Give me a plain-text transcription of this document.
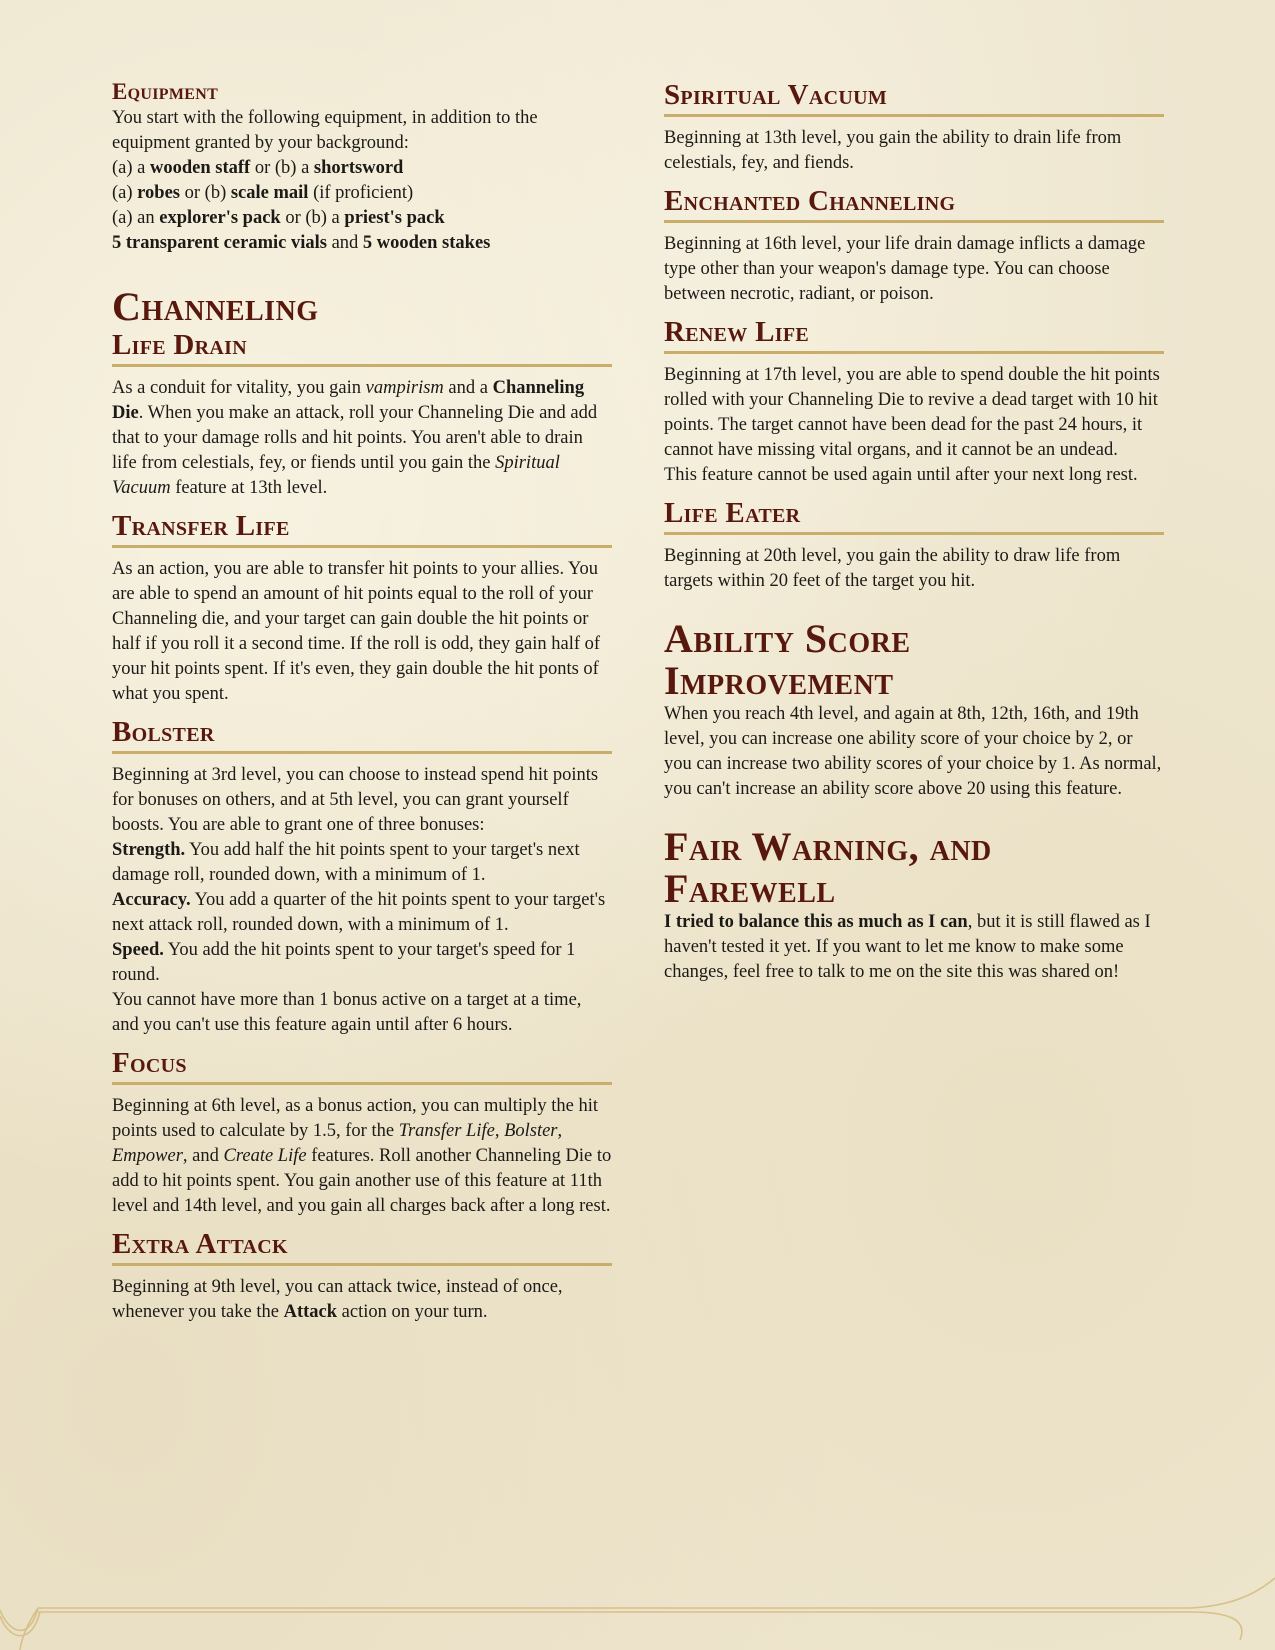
Equipment

You start with the following equipment, in addition to the equipment granted by your background:

(a) a wooden staff or (b) a shortsword
(a) robes or (b) scale mail (if proficient)
(a) an explorer's pack or (b) a priest's pack
5 transparent ceramic vials and 5 wooden stakes
Channeling
Life Drain

As a conduit for vitality, you gain vampirism and a Channeling Die. When you make an attack, roll your Channeling Die and add that to your damage rolls and hit points. You aren't able to drain life from celestials, fey, or fiends until you gain the Spiritual Vacuum feature at 13th level.

Transfer Life

As an action, you are able to transfer hit points to your allies. You are able to spend an amount of hit points equal to the roll of your Channeling die, and your target can gain double the hit points or half if you roll it a second time. If the roll is odd, they gain half of your hit points spent. If it's even, they gain double the hit ponts of what you spent.

Bolster

Beginning at 3rd level, you can choose to instead spend hit points for bonuses on others, and at 5th level, you can grant yourself boosts. You are able to grant one of three bonuses:

Strength. You add half the hit points spent to your target's next damage roll, rounded down, with a minimum of 1.

Accuracy. You add a quarter of the hit points spent to your target's next attack roll, rounded down, with a minimum of 1.

Speed. You add the hit points spent to your target's speed for 1 round.

You cannot have more than 1 bonus active on a target at a time, and you can't use this feature again until after 6 hours.

Focus

Beginning at 6th level, as a bonus action, you can multiply the hit points used to calculate by 1.5, for the Transfer Life, Bolster, Empower, and Create Life features. Roll another Channeling Die to add to hit points spent. You gain another use of this feature at 11th level and 14th level, and you gain all charges back after a long rest.

Extra Attack

Beginning at 9th level, you can attack twice, instead of once, whenever you take the Attack action on your turn.

Spiritual Vacuum

Beginning at 13th level, you gain the ability to drain life from celestials, fey, and fiends.

Enchanted Channeling

Beginning at 16th level, your life drain damage inflicts a damage type other than your weapon's damage type. You can choose between necrotic, radiant, or poison.

Renew Life

Beginning at 17th level, you are able to spend double the hit points rolled with your Channeling Die to revive a dead target with 10 hit points. The target cannot have been dead for the past 24 hours, it cannot have missing vital organs, and it cannot be an undead.

This feature cannot be used again until after your next long rest.

Life Eater

Beginning at 20th level, you gain the ability to draw life from targets within 20 feet of the target you hit.

Ability Score
Improvement

When you reach 4th level, and again at 8th, 12th, 16th, and 19th level, you can increase one ability score of your choice by 2, or you can increase two ability scores of your choice by 1. As normal, you can't increase an ability score above 20 using this feature.

Fair Warning, and
Farewell

I tried to balance this as much as I can, but it is still flawed as I haven't tested it yet. If you want to let me know to make some changes, feel free to talk to me on the site this was shared on!
